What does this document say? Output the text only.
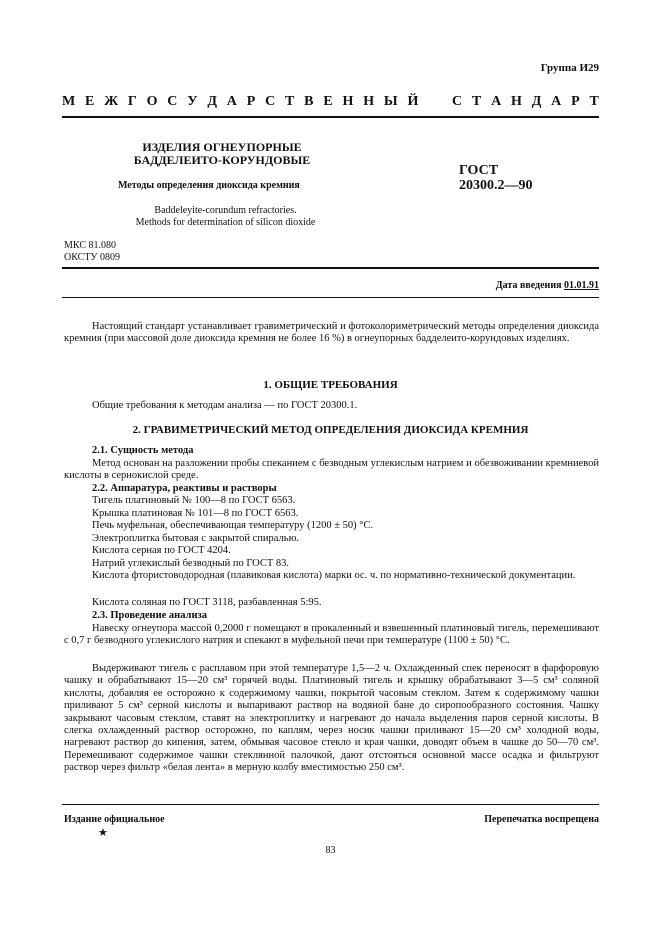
Группа И29
М Е Ж Г О С У Д А Р С Т В Е Н Н Ы Й С Т А Н Д А Р Т
ИЗДЕЛИЯ ОГНЕУПОРНЫЕ
БАДДЕЛЕИТО-КОРУНДОВЫЕ
Методы определения диоксида кремния
Baddeleyite-corundum refractories.
Methods for determination of silicon dioxide
ГОСТ
20300.2—90
МКС 81.080
ОКСТУ 0809
Дата введения 01.01.91
Настоящий стандарт устанавливает гравиметрический и фотоколориметрический методы определения диоксида кремния (при массовой доле диоксида кремния не более 16 %) в огнеупорных бадделеито-корундовых изделиях.
1. ОБЩИЕ ТРЕБОВАНИЯ
Общие требования к методам анализа — по ГОСТ 20300.1.
2. ГРАВИМЕТРИЧЕСКИЙ МЕТОД ОПРЕДЕЛЕНИЯ ДИОКСИДА КРЕМНИЯ
2.1. Сущность метода
Метод основан на разложении пробы спеканием с безводным углекислым натрием и обезвоживании кремниевой кислоты в сернокислой среде.
2.2. Аппаратура, реактивы и растворы
Тигель платиновый № 100—8 по ГОСТ 6563.
Крышка платиновая № 101—8 по ГОСТ 6563.
Печь муфельная, обеспечивающая температуру (1200 ± 50) °С.
Электроплитка бытовая с закрытой спиралью.
Кислота серная по ГОСТ 4204.
Натрий углекислый безводный по ГОСТ 83.
Кислота фтористоводородная (плавиковая кислота) марки ос. ч. по нормативно-технической документации.
Кислота соляная по ГОСТ 3118, разбавленная 5:95.
2.3. Проведение анализа
Навеску огнеупора массой 0,2000 г помещают в прокаленный и взвешенный платиновый тигель, перемешивают с 0,7 г безводного углекислого натрия и спекают в муфельной печи при температуре (1100 ± 50) °С.
Выдерживают тигель с расплавом при этой температуре 1,5—2 ч. Охлажденный спек переносят в фарфоровую чашку и обрабатывают 15—20 см³ горячей воды. Платиновый тигель и крышку обрабатывают 3—5 см³ соляной кислоты, добавляя ее осторожно к содержимому чашки, покрытой часовым стеклом. Затем к содержимому чашки приливают 5 см³ серной кислоты и выпаривают раствор на водяной бане до сиропообразного состояния. Чашку закрывают часовым стеклом, ставят на электроплитку и нагревают до начала выделения паров серной кислоты. В слегка охлажденный раствор осторожно, по каплям, через носик чашки приливают 15—20 см³ холодной воды, нагревают раствор до кипения, затем, обмывая часовое стекло и края чашки, доводят объем в чашке до 50—70 см³. Перемешивают содержимое чашки стеклянной палочкой, дают отстояться основной массе осадка и фильтруют раствор через фильтр «белая лента» в мерную колбу вместимостью 250 см³.
Издание официальное
★
Перепечатка воспрещена
83
